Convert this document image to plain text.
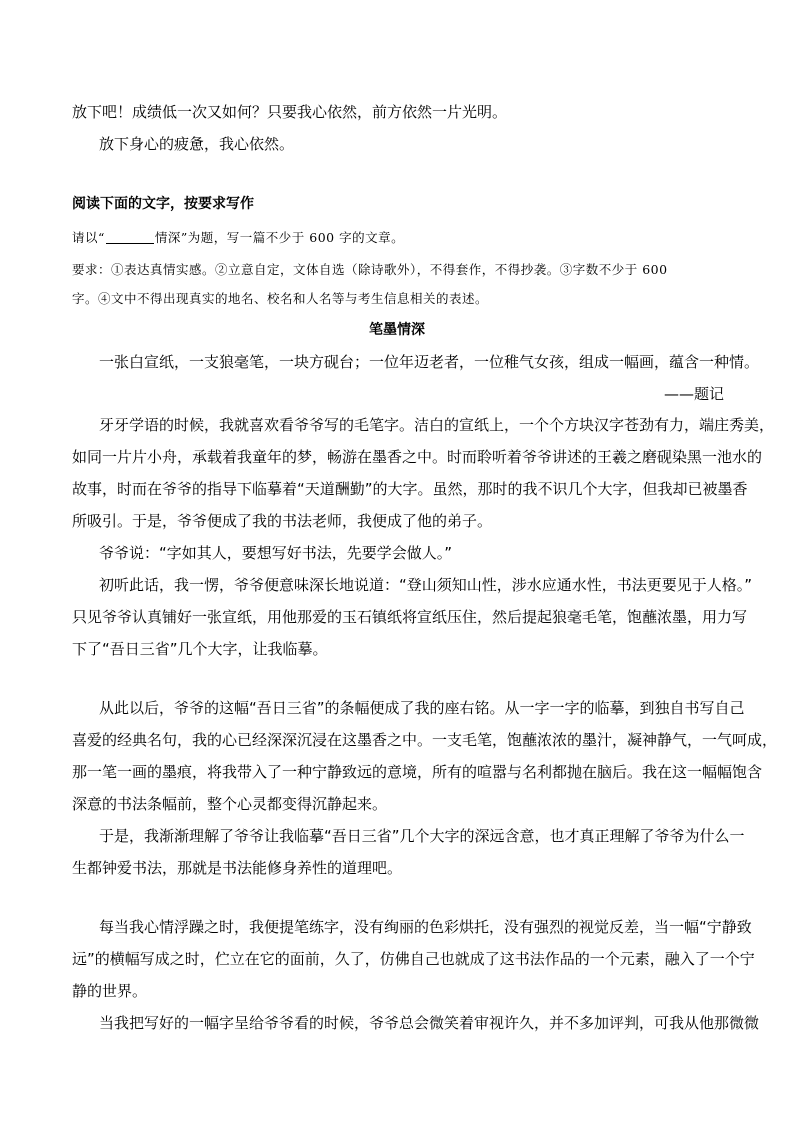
放下吧！成绩低一次又如何？只要我心依然，前方依然一片光明。
放下身心的疲惫，我心依然。
阅读下面的文字，按要求写作
请以“	情深”为题，写一篇不少于 600 字的文章。
要求：①表达真情实感。②立意自定，文体自选（除诗歌外），不得套作，不得抄袭。③字数不少于 600
字。④文中不得出现真实的地名、校名和人名等与考生信息相关的表述。
笔墨情深
一张白宣纸，一支狼毫笔，一块方砚台；一位年迈老者，一位稚气女孩，组成一幅画，蕴含一种情。
——题记
牙牙学语的时候，我就喜欢看爷爷写的毛笔字。洁白的宣纸上，一个个方块汉字苍劲有力，端庄秀美，
如同一片片小舟，承载着我童年的梦，畅游在墨香之中。时而聆听着爷爷讲述的王羲之磨砚染黑一池水的
故事，时而在爷爷的指导下临摹着“天道酬勤”的大字。虽然，那时的我不识几个大字，但我却已被墨香
所吸引。于是，爷爷便成了我的书法老师，我便成了他的弟子。
爷爷说：“字如其人，要想写好书法，先要学会做人。”
初听此话，我一愣，爷爷便意味深长地说道：“登山须知山性，涉水应通水性，书法更要见于人格。”
只见爷爷认真铺好一张宣纸，用他那爱的玉石镇纸将宣纸压住，然后提起狼毫毛笔，饱蘸浓墨，用力写
下了“吾日三省”几个大字，让我临摹。
从此以后，爷爷的这幅“吾日三省”的条幅便成了我的座右铭。从一字一字的临摹，到独自书写自己
喜爱的经典名句，我的心已经深深沉浸在这墨香之中。一支毛笔，饱蘸浓浓的墨汁，凝神静气，一气呵成，
那一笔一画的墨痕，将我带入了一种宁静致远的意境，所有的喧嚣与名利都抛在脑后。我在这一幅幅饱含
深意的书法条幅前，整个心灵都变得沉静起来。
于是，我渐渐理解了爷爷让我临摹“吾日三省”几个大字的深远含意，也才真正理解了爷爷为什么一
生都钟爱书法，那就是书法能修身养性的道理吧。
每当我心情浮躁之时，我便提笔练字，没有绚丽的色彩烘托，没有强烈的视觉反差，当一幅“宁静致
远”的横幅写成之时，伫立在它的面前，久了，仿佛自己也就成了这书法作品的一个元素，融入了一个宁
静的世界。
当我把写好的一幅字呈给爷爷看的时候，爷爷总会微笑着审视许久，并不多加评判，可我从他那微微
